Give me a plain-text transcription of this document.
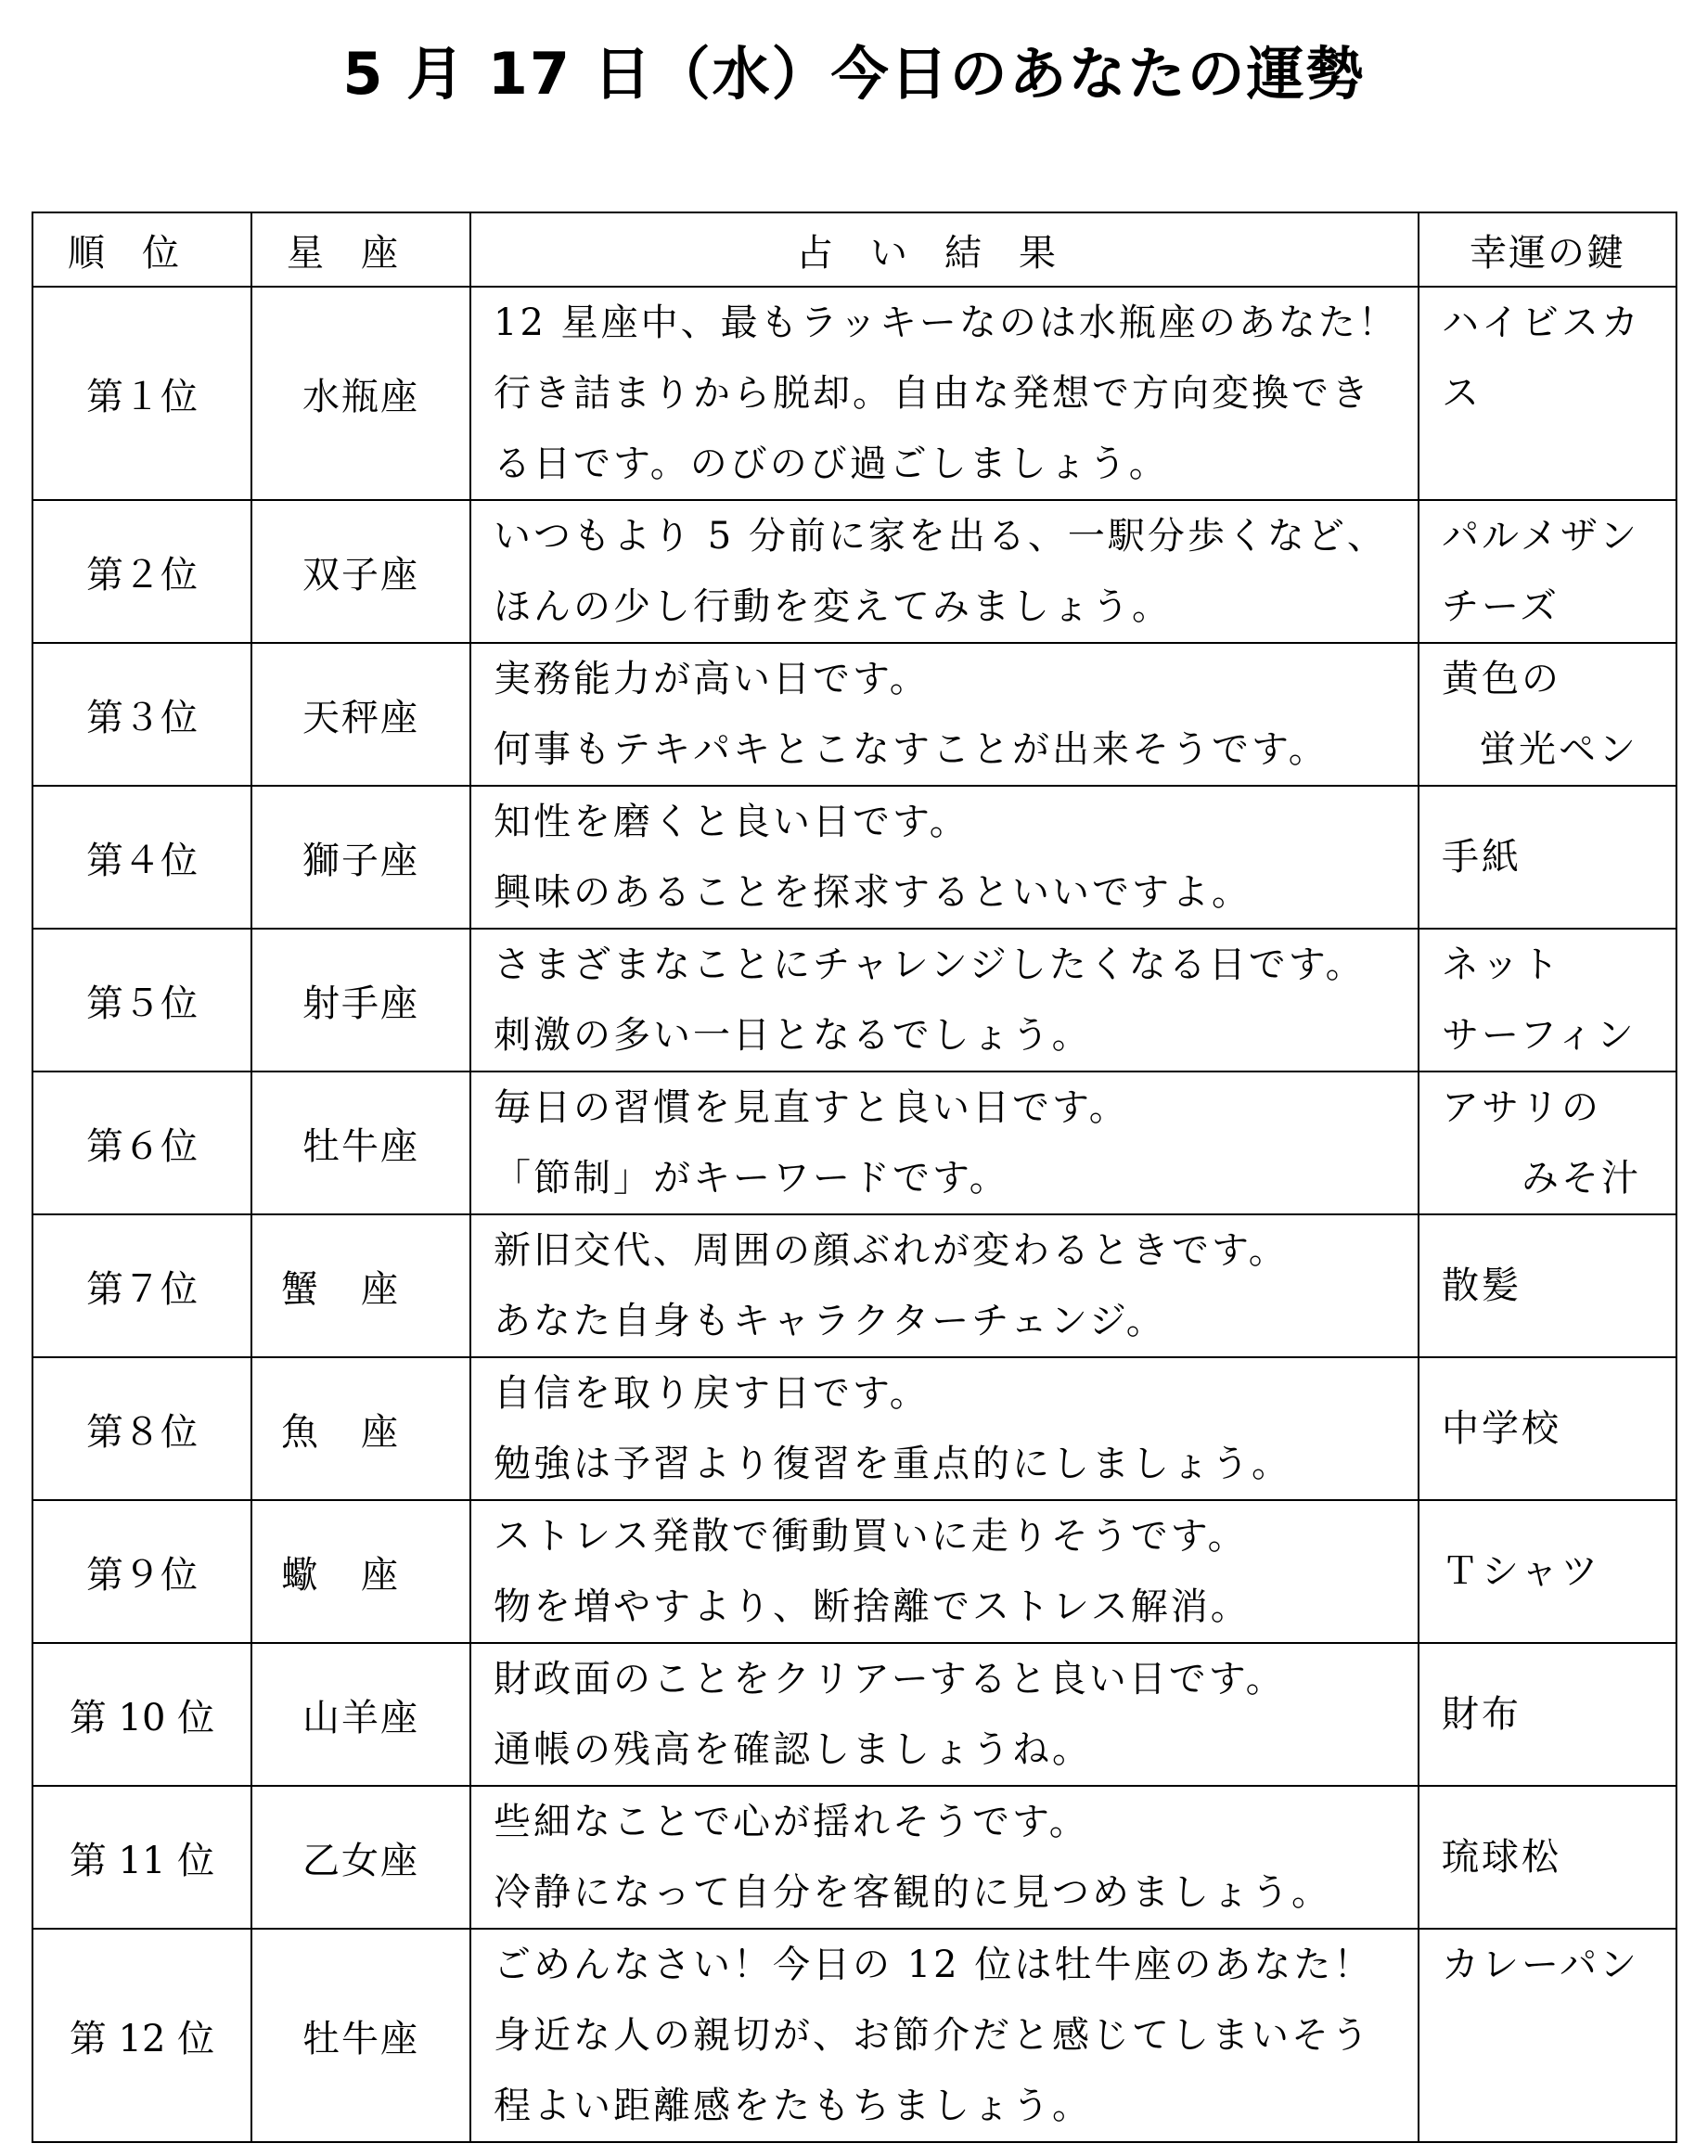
5 月 17 日（水）今日のあなたの運勢
順位	星座	占い結果	幸運の鍵
第１位	水瓶座	12 星座中、最もラッキーなのは水瓶座のあなた！
行き詰まりから脱却。自由な発想で方向変換でき
る日です。のびのび過ごしましょう。	ハイビスカ
ス

第２位	双子座	いつもより 5 分前に家を出る、一駅分歩くなど、
ほんの少し行動を変えてみましょう。	パルメザン
チーズ

第３位	天秤座	実務能力が高い日です。
何事もテキパキとこなすことが出来そうです。	黄色の
蛍光ペン

第４位	獅子座	知性を磨くと良い日です。
興味のあることを探求するといいですよ。	手紙

第５位	射手座	さまざまなことにチャレンジしたくなる日です。
刺激の多い一日となるでしょう。	ネット
サーフィン

第６位	牡牛座	毎日の習慣を見直すと良い日です。
「節制」がキーワードです。	アサリの
みそ汁

第７位	蟹座	新旧交代、周囲の顔ぶれが変わるときです。
あなた自身もキャラクターチェンジ。	散髪

第８位	魚座	自信を取り戻す日です。
勉強は予習より復習を重点的にしましょう。	中学校

第９位	蠍座	ストレス発散で衝動買いに走りそうです。
物を増やすより、断捨離でストレス解消。	Ｔシャツ

第 10 位	山羊座	財政面のことをクリアーすると良い日です。
通帳の残高を確認しましょうね。	財布

第 11 位	乙女座	些細なことで心が揺れそうです。
冷静になって自分を客観的に見つめましょう。	琉球松

第 12 位	牡牛座	ごめんなさい！今日の 12 位は牡牛座のあなた！
身近な人の親切が、お節介だと感じてしまいそう
程よい距離感をたもちましょう。	カレーパン
